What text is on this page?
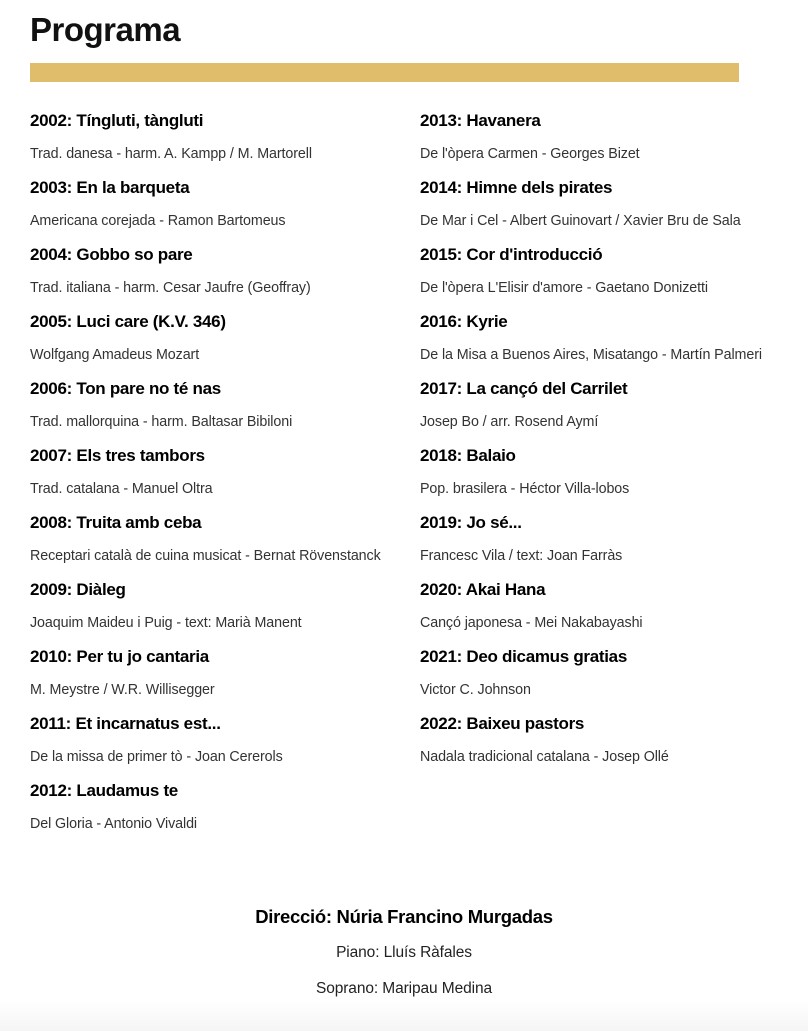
Programa
2002: Tíngluti, tàngluti
Trad. danesa - harm. A. Kampp / M. Martorell
2003: En la barqueta
Americana corejada - Ramon Bartomeus
2004: Gobbo so pare
Trad. italiana - harm. Cesar Jaufre (Geoffray)
2005: Luci care (K.V. 346)
Wolfgang Amadeus Mozart
2006: Ton pare no té nas
Trad. mallorquina - harm. Baltasar Bibiloni
2007: Els tres tambors
Trad. catalana - Manuel Oltra
2008: Truita amb ceba
Receptari català de cuina musicat - Bernat Rövenstanck
2009: Diàleg
Joaquim Maideu i Puig - text: Marià Manent
2010: Per tu jo cantaria
M. Meystre / W.R. Willisegger
2011: Et incarnatus est...
De la missa de primer tò - Joan Cererols
2012: Laudamus te
Del Gloria - Antonio Vivaldi
2013: Havanera
De l'òpera Carmen - Georges Bizet
2014: Himne dels pirates
De Mar i Cel - Albert Guinovart / Xavier Bru de Sala
2015: Cor d'introducció
De l'òpera L'Elisir d'amore - Gaetano Donizetti
2016: Kyrie
De la Misa a Buenos Aires, Misatango - Martín Palmeri
2017: La cançó del Carrilet
Josep Bo / arr. Rosend Aymí
2018: Balaio
Pop. brasilera - Héctor Villa-lobos
2019: Jo sé...
Francesc Vila / text: Joan Farràs
2020: Akai Hana
Cançó japonesa - Mei Nakabayashi
2021: Deo dicamus gratias
Victor C. Johnson
2022: Baixeu pastors
Nadala tradicional catalana - Josep Ollé
Direcció: Núria Francino Murgadas
Piano: Lluís Ràfales
Soprano: Maripau Medina
